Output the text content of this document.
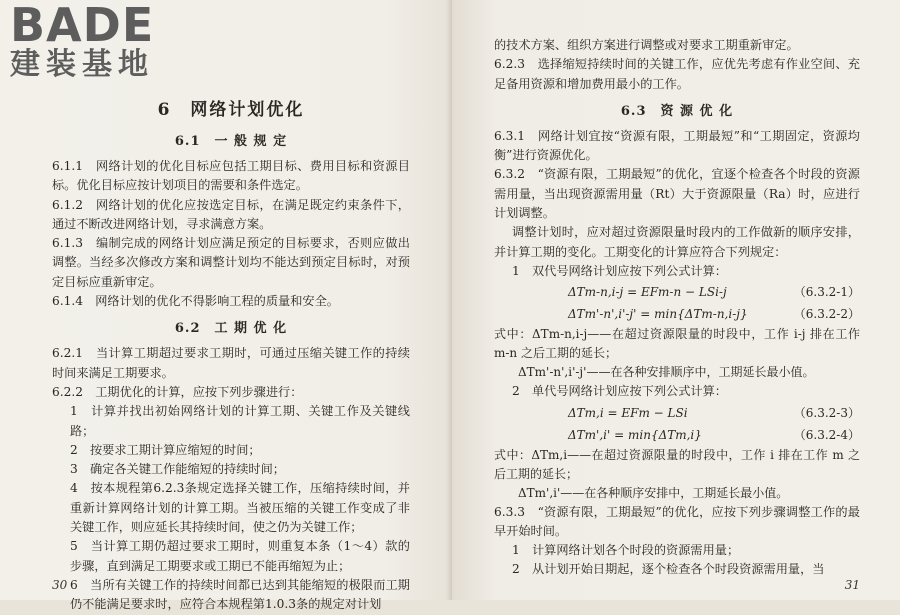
BADE
建装基地
6　网络计划优化
6.1　一 般 规 定

6.1.1　网络计划的优化目标应包括工期目标、费用目标和资源目标。优化目标应按计划项目的需要和条件选定。

6.1.2　网络计划的优化应按选定目标，在满足既定约束条件下，通过不断改进网络计划，寻求满意方案。

6.1.3　编制完成的网络计划应满足预定的目标要求，否则应做出调整。当经多次修改方案和调整计划均不能达到预定目标时，对预定目标应重新审定。

6.1.4　网络计划的优化不得影响工程的质量和安全。

6.2　工 期 优 化

6.2.1　当计算工期超过要求工期时，可通过压缩关键工作的持续时间来满足工期要求。

6.2.2　工期优化的计算，应按下列步骤进行：

1　计算并找出初始网络计划的计算工期、关键工作及关键线路；

2　按要求工期计算应缩短的时间；

3　确定各关键工作能缩短的持续时间；

4　按本规程第6.2.3条规定选择关键工作，压缩持续时间，并重新计算网络计划的计算工期。当被压缩的关键工作变成了非关键工作，则应延长其持续时间，使之仍为关键工作；

5　当计算工期仍超过要求工期时，则重复本条（1～4）款的步骤，直到满足工期要求或工期已不能再缩短为止；

6　当所有关键工作的持续时间都已达到其能缩短的极限而工期仍不能满足要求时，应符合本规程第1.0.3条的规定对计划

30

的技术方案、组织方案进行调整或对要求工期重新审定。

6.2.3　选择缩短持续时间的关键工作，应优先考虑有作业空间、充足备用资源和增加费用最小的工作。

6.3　资 源 优 化

6.3.1　网络计划宜按“资源有限，工期最短”和“工期固定，资源均衡”进行资源优化。

6.3.2　“资源有限，工期最短”的优化，宜逐个检查各个时段的资源需用量，当出现资源需用量（Rt）大于资源限量（Ra）时，应进行计划调整。

调整计划时，应对超过资源限量时段内的工作做新的顺序安排，并计算工期的变化。工期变化的计算应符合下列规定：

1　双代号网络计划应按下列公式计算：

ΔTm-n,i-j = EFm-n − LSi-j	（6.3.2-1）
ΔTm'-n',i'-j' = min{ΔTm-n,i-j}	（6.3.2-2）

式中：ΔTm-n,i-j——在超过资源限量的时段中，工作 i-j 排在工作 m-n 之后工期的延长；

ΔTm'-n',i'-j'——在各种安排顺序中，工期延长最小值。

2　单代号网络计划应按下列公式计算：

ΔTm,i = EFm − LSi	（6.3.2-3）
ΔTm',i' = min{ΔTm,i}	（6.3.2-4）

式中：ΔTm,i——在超过资源限量的时段中，工作 i 排在工作 m 之后工期的延长；

ΔTm',i'——在各种顺序安排中，工期延长最小值。

6.3.3　“资源有限，工期最短”的优化，应按下列步骤调整工作的最早开始时间。

1　计算网络计划各个时段的资源需用量；

2　从计划开始日期起，逐个检查各个时段资源需用量，当

31
